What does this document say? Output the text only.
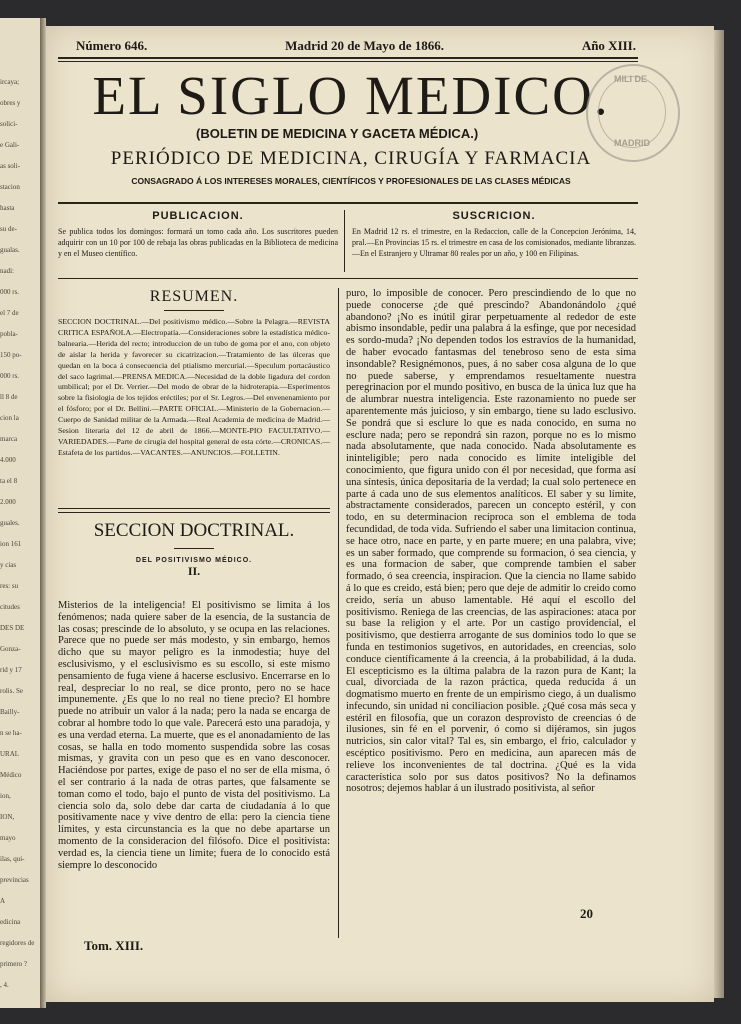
ircaya;
obres y
solici-
e Gali-
as soli-
stacion
hasta
su de-
gualas.
nadi:
000 rs.
el 7 de
pobla-
150 po-
000 rs.
ll 8 de
cion la
marca
4.000
ta el 8
2.000
guales.
ion 161
y cias
res: su
citudes
DES DE
Gonza-
rid y 17
rolis. Se
Bailly-
n se ha-
URAL
Médico
ion,
ION,
mayo
ilas, qui-
previncias
A
edicina
regidores de
primero ?
, 4.
Número 646.	Madrid 20 de Mayo de 1866.	Año XIII.
EL SIGLO MEDICO.
(BOLETIN DE MEDICINA Y GACETA MÉDICA.)
PERIÓDICO DE MEDICINA, CIRUGÍA Y FARMACIA
CONSAGRADO Á LOS INTERESES MORALES, CIENTÍFICOS Y PROFESIONALES DE LAS CLASES MÉDICAS
MILI DE
MADRID
PUBLICACION.
Se publica todos los domingos: formará un tomo cada año. Los suscritores pueden adquirir con un 10 por 100 de rebaja las obras publicadas en la Biblioteca de medicina y en el Museo científico.
SUSCRICION.
En Madrid 12 rs. el trimestre, en la Redaccion, calle de la Concepcion Jerónima, 14, pral.—En Provincias 15 rs. el trimestre en casa de los comisionados, mediante libranzas.—En el Estranjero y Ultramar 80 reales por un año, y 100 en Filipinas.
RESUMEN.
SECCION DOCTRINAL.—Del positivismo médico.—Sobre la Pelagra.—REVISTA CRITICA ESPAÑOLA.—Electropatía.—Consideraciones sobre la estadística médico-balnearia.—Herida del recto; introduccion de un tubo de goma por el ano, con objeto de aislar la herida y favorecer su cicatrizacion.—Tratamiento de las úlceras que quedan en la boca á consecuencia del ptialismo mercurial.—Speculum portacáustico del saco lagrimal.—PRENSA MEDICA.—Necesidad de la doble ligadura del cordon umbilical; por el Dr. Verrier.—Del modo de obrar de la hidroterapia.—Esperimentos sobre la fisiologia de los tejidos eréctiles; por el Sr. Legros.—Del envenenamiento por el fósforo; por el Dr. Bellini.—PARTE OFICIAL.—Ministerio de la Gobernacion.—Cuerpo de Sanidad militar de la Armada.—Real Academia de medicina de Madrid.—Sesion literaria del 12 de abril de 1866.—MONTE-PIO FACULTATIVO.—VARIEDADES.—Parte de cirugía del hospital general de esta córte.—CRONICAS.—Estafeta de los partidos.—VACANTES.—ANUNCIOS.—FOLLETIN.
SECCION DOCTRINAL.
DEL POSITIVISMO MÉDICO.
II.
Misterios de la inteligencia! El positivismo se limita á los fenómenos; nada quiere saber de la esencia, de la sustancia de las cosas; prescinde de lo absoluto, y se ocupa en las relaciones. Parece que no puede ser más modesto, y sin embargo, hemos dicho que su mayor peligro es la inmodestia; huye del esclusivismo, y el esclusivismo es su escollo, si este mismo pensamiento de fuga viene á hacerse esclusivo. Encerrarse en lo real, despreciar lo no real, se dice pronto, pero no se hace impunemente. ¿Es que lo no real no tiene precio? El hombre puede no atribuir un valor á la nada; pero la nada se encarga de cobrar al hombre todo lo que vale. Parecerá esto una paradoja, y es una verdad eterna. La muerte, que es el anonadamiento de las cosas, se halla en todo momento suspendida sobre las cosas mismas, y gravita con un peso que es en vano desconocer. Haciéndose por partes, exige de paso el no ser de ella misma, ó el ser contrario á la nada de otras partes, que falsamente se toman como el todo, bajo el punto de vista del positivismo. La ciencia solo da, solo debe dar carta de ciudadanía á lo que positivamente nace y vive dentro de ella: pero la ciencia tiene límites, y esta circunstancia es la que no debe apartarse un momento de la consideracion del filósofo. Dice el positivista: verdad es, la ciencia tiene un límite; fuera de lo conocido está siempre lo desconocido
puro, lo imposible de conocer. Pero prescindiendo de lo que no puede conocerse ¿de qué prescindo? Abandonándolo ¿qué abandono? ¡No es inútil girar perpetuamente al rededor de este abismo insondable, pedir una palabra á la esfinge, que por necesidad es sordo-muda? ¡No dependen todos los estravíos de la humanidad, de haber evocado fantasmas del tenebroso seno de esta sima insondable? Resignémonos, pues, á no saber cosa alguna de lo que no puede saberse, y emprendamos resueltamente nuestra peregrinacion por el mundo positivo, en busca de la única luz que ha de alumbrar nuestra inteligencia. Este razonamiento no puede ser aparentemente más juicioso, y sin embargo, tiene su lado esclusivo. Se pondrá que si esclure lo que es nada conocido, en suma no esclure nada; pero se repondrá sin razon, porque no es lo mismo nada absolutamente, que nada conocido. Nada absolutamente es ininteligible; pero nada conocido es límite inteligible del conocimiento, que figura unido con él por necesidad, que forma así una síntesis, única depositaria de la verdad; la cual solo pertenece en parte á cada uno de sus elementos analíticos. El saber y su límite, abstractamente considerados, parecen un concepto estéril, y con todo, en su determinacion recíproca son el emblema de toda fecundidad, de toda vida. Sufriendo el saber una limitacion continua, se hace otro, nace en parte, y en parte muere; en una palabra, vive; es un saber formado, que comprende su formacion, ó sea ciencia, y es una formacion de saber, que comprende tambien el saber formado, ó sea creencia, inspiracion. Que la ciencia no llame sabido á lo que es creido, está bien; pero que deje de admitir lo creido como creido, sería un abuso lamentable. Hé aquí el escollo del positivismo. Reniega de las creencias, de las aspiraciones: ataca por su base la religion y el arte. Por un castigo providencial, el positivismo, que destierra arrogante de sus dominios todo lo que se funda en testimonios sugetivos, en autoridades, en creencias, solo conduce científicamente á la creencia, á la probabilidad, á la duda. El escepticismo es la última palabra de la razon pura de Kant; la cual, divorciada de la razon práctica, queda reducida á un dogmatismo muerto en frente de un empirismo ciego, á un dualismo infecundo, sin unidad ni conciliacion posible. ¿Qué cosa más seca y estéril en filosofía, que un corazon desprovisto de creencias ó de ilusiones, sin fé en el porvenir, ó como si dijéramos, sin jugos nutricios, sin calor vital? Tal es, sin embargo, el frio, calculador y escéptico positivismo. Pero en medicina, aun aparecen más de relieve los inconvenientes de tal doctrina. ¿Qué es la vida característica solo por sus datos positivos? No la definamos nosotros; dejemos hablar á un ilustrado positivista, al señor
Tom. XIII.
20
